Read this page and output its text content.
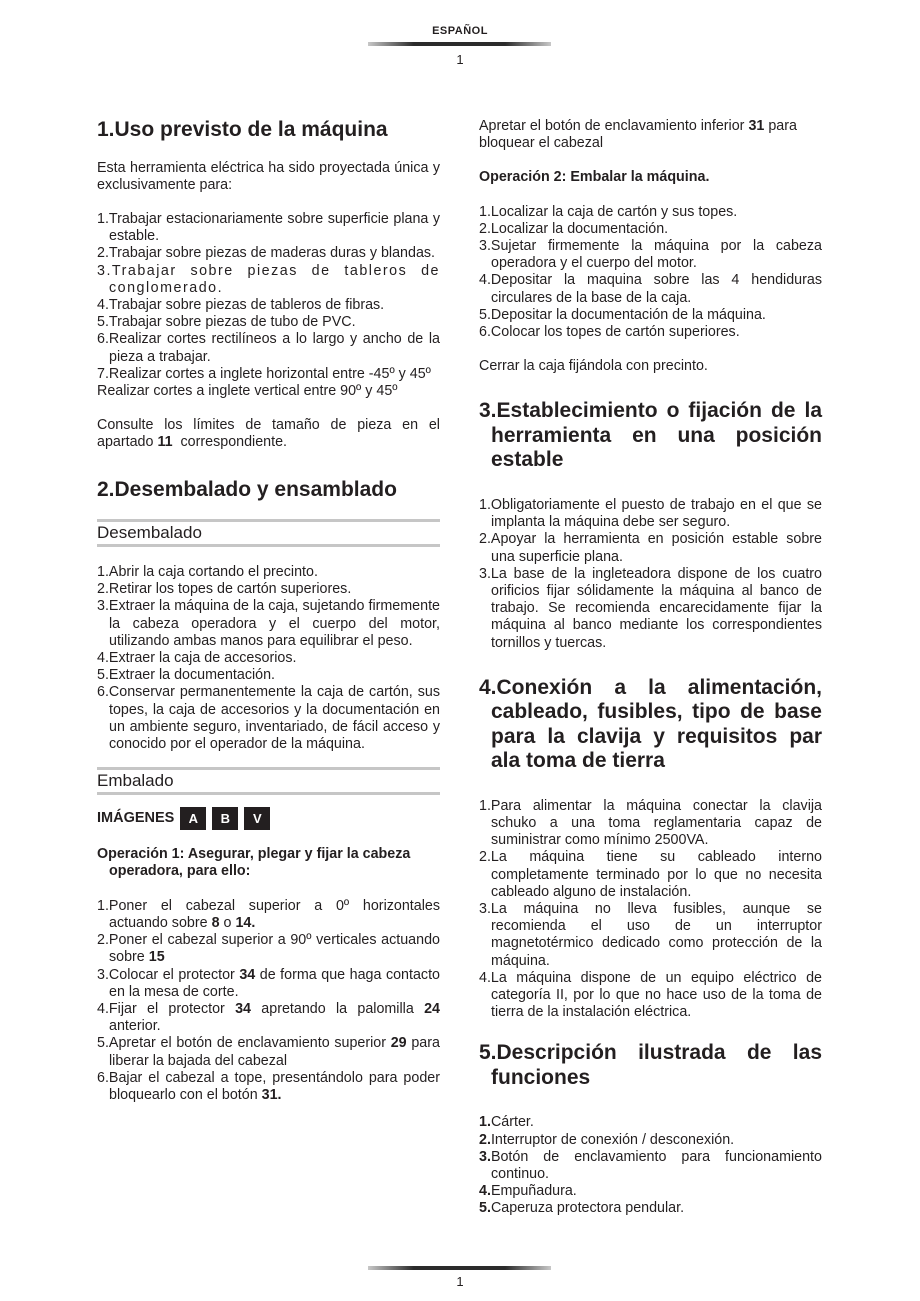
ESPAÑOL
1
1.Uso previsto de la máquina

Esta herramienta eléctrica ha sido proyectada única y exclusivamente para:

1.Trabajar estacionariamente sobre superficie plana y estable.
2.Trabajar sobre piezas de maderas duras y blandas.
3.Trabajar sobre piezas de tableros de conglomerado.
4.Trabajar sobre piezas de tableros de fibras.
5.Trabajar sobre piezas de tubo de PVC.
6.Realizar cortes rectilíneos a lo largo y ancho de la pieza a trabajar.
7.Realizar cortes a inglete horizontal entre -45º y 45º

Realizar cortes a inglete vertical entre 90º y 45º

Consulte los límites de tamaño de pieza en el apartado 11 correspondiente.

2.Desembalado y ensamblado
Desembalado
1.Abrir la caja cortando el precinto.
2.Retirar los topes de cartón superiores.
3.Extraer la máquina de la caja, sujetando firmemente la cabeza operadora y el cuerpo del motor, utilizando ambas manos para equilibrar el peso.
4.Extraer la caja de accesorios.
5.Extraer la documentación.
6.Conservar permanentemente la caja de cartón, sus topes, la caja de accesorios y la documentación en un ambiente seguro, inventariado, de fácil acceso y conocido por el operador de la máquina.
Embalado
IMÁGENES	A	B	V

Operación 1: Asegurar, plegar y fijar la cabeza operadora, para ello:

1.Poner el cabezal superior a 0º horizontales actuando sobre 8 o 14.
2.Poner el cabezal superior a 90º verticales actuando sobre 15
3.Colocar el protector 34 de forma que haga contacto en la mesa de corte.
4.Fijar el protector 34 apretando la palomilla 24 anterior.
5.Apretar el botón de enclavamiento superior 29 para liberar la bajada del cabezal
6.Bajar el cabezal a tope, presentándolo para poder bloquearlo con el botón 31.

Apretar el botón de enclavamiento inferior 31 para bloquear el cabezal

Operación 2: Embalar la máquina.

1.Localizar la caja de cartón y sus topes.
2.Localizar la documentación.
3.Sujetar firmemente la máquina por la cabeza operadora y el cuerpo del motor.
4.Depositar la maquina sobre las 4 hendiduras circulares de la base de la caja.
5.Depositar la documentación de la máquina.
6.Colocar los topes de cartón superiores.

Cerrar la caja fijándola con precinto.

3.Establecimiento o fijación de la herramienta en una posición estable
1.Obligatoriamente el puesto de trabajo en el que se implanta la máquina debe ser seguro.
2.Apoyar la herramienta en posición estable sobre una superficie plana.
3.La base de la ingleteadora dispone de los cuatro orificios fijar sólidamente la máquina al banco de trabajo. Se recomienda encarecidamente fijar la máquina al banco mediante los correspondientes tornillos y tuercas.
4.Conexión a la alimentación, cableado, fusibles, tipo de base para la clavija y requisitos par ala toma de tierra
1.Para alimentar la máquina conectar la clavija schuko a una toma reglamentaria capaz de suministrar como mínimo 2500VA.
2.La máquina tiene su cableado interno completamente terminado por lo que no necesita cableado alguno de instalación.
3.La máquina no lleva fusibles, aunque se recomienda el uso de un interruptor magnetotérmico dedicado como protección de la máquina.
4.La máquina dispone de un equipo eléctrico de categoría II, por lo que no hace uso de la toma de tierra de la instalación eléctrica.
5.Descripción ilustrada de las funciones
1.Cárter.
2.Interruptor de conexión / desconexión.
3.Botón de enclavamiento para funcionamiento continuo.
4.Empuñadura.
5.Caperuza protectora pendular.
1
